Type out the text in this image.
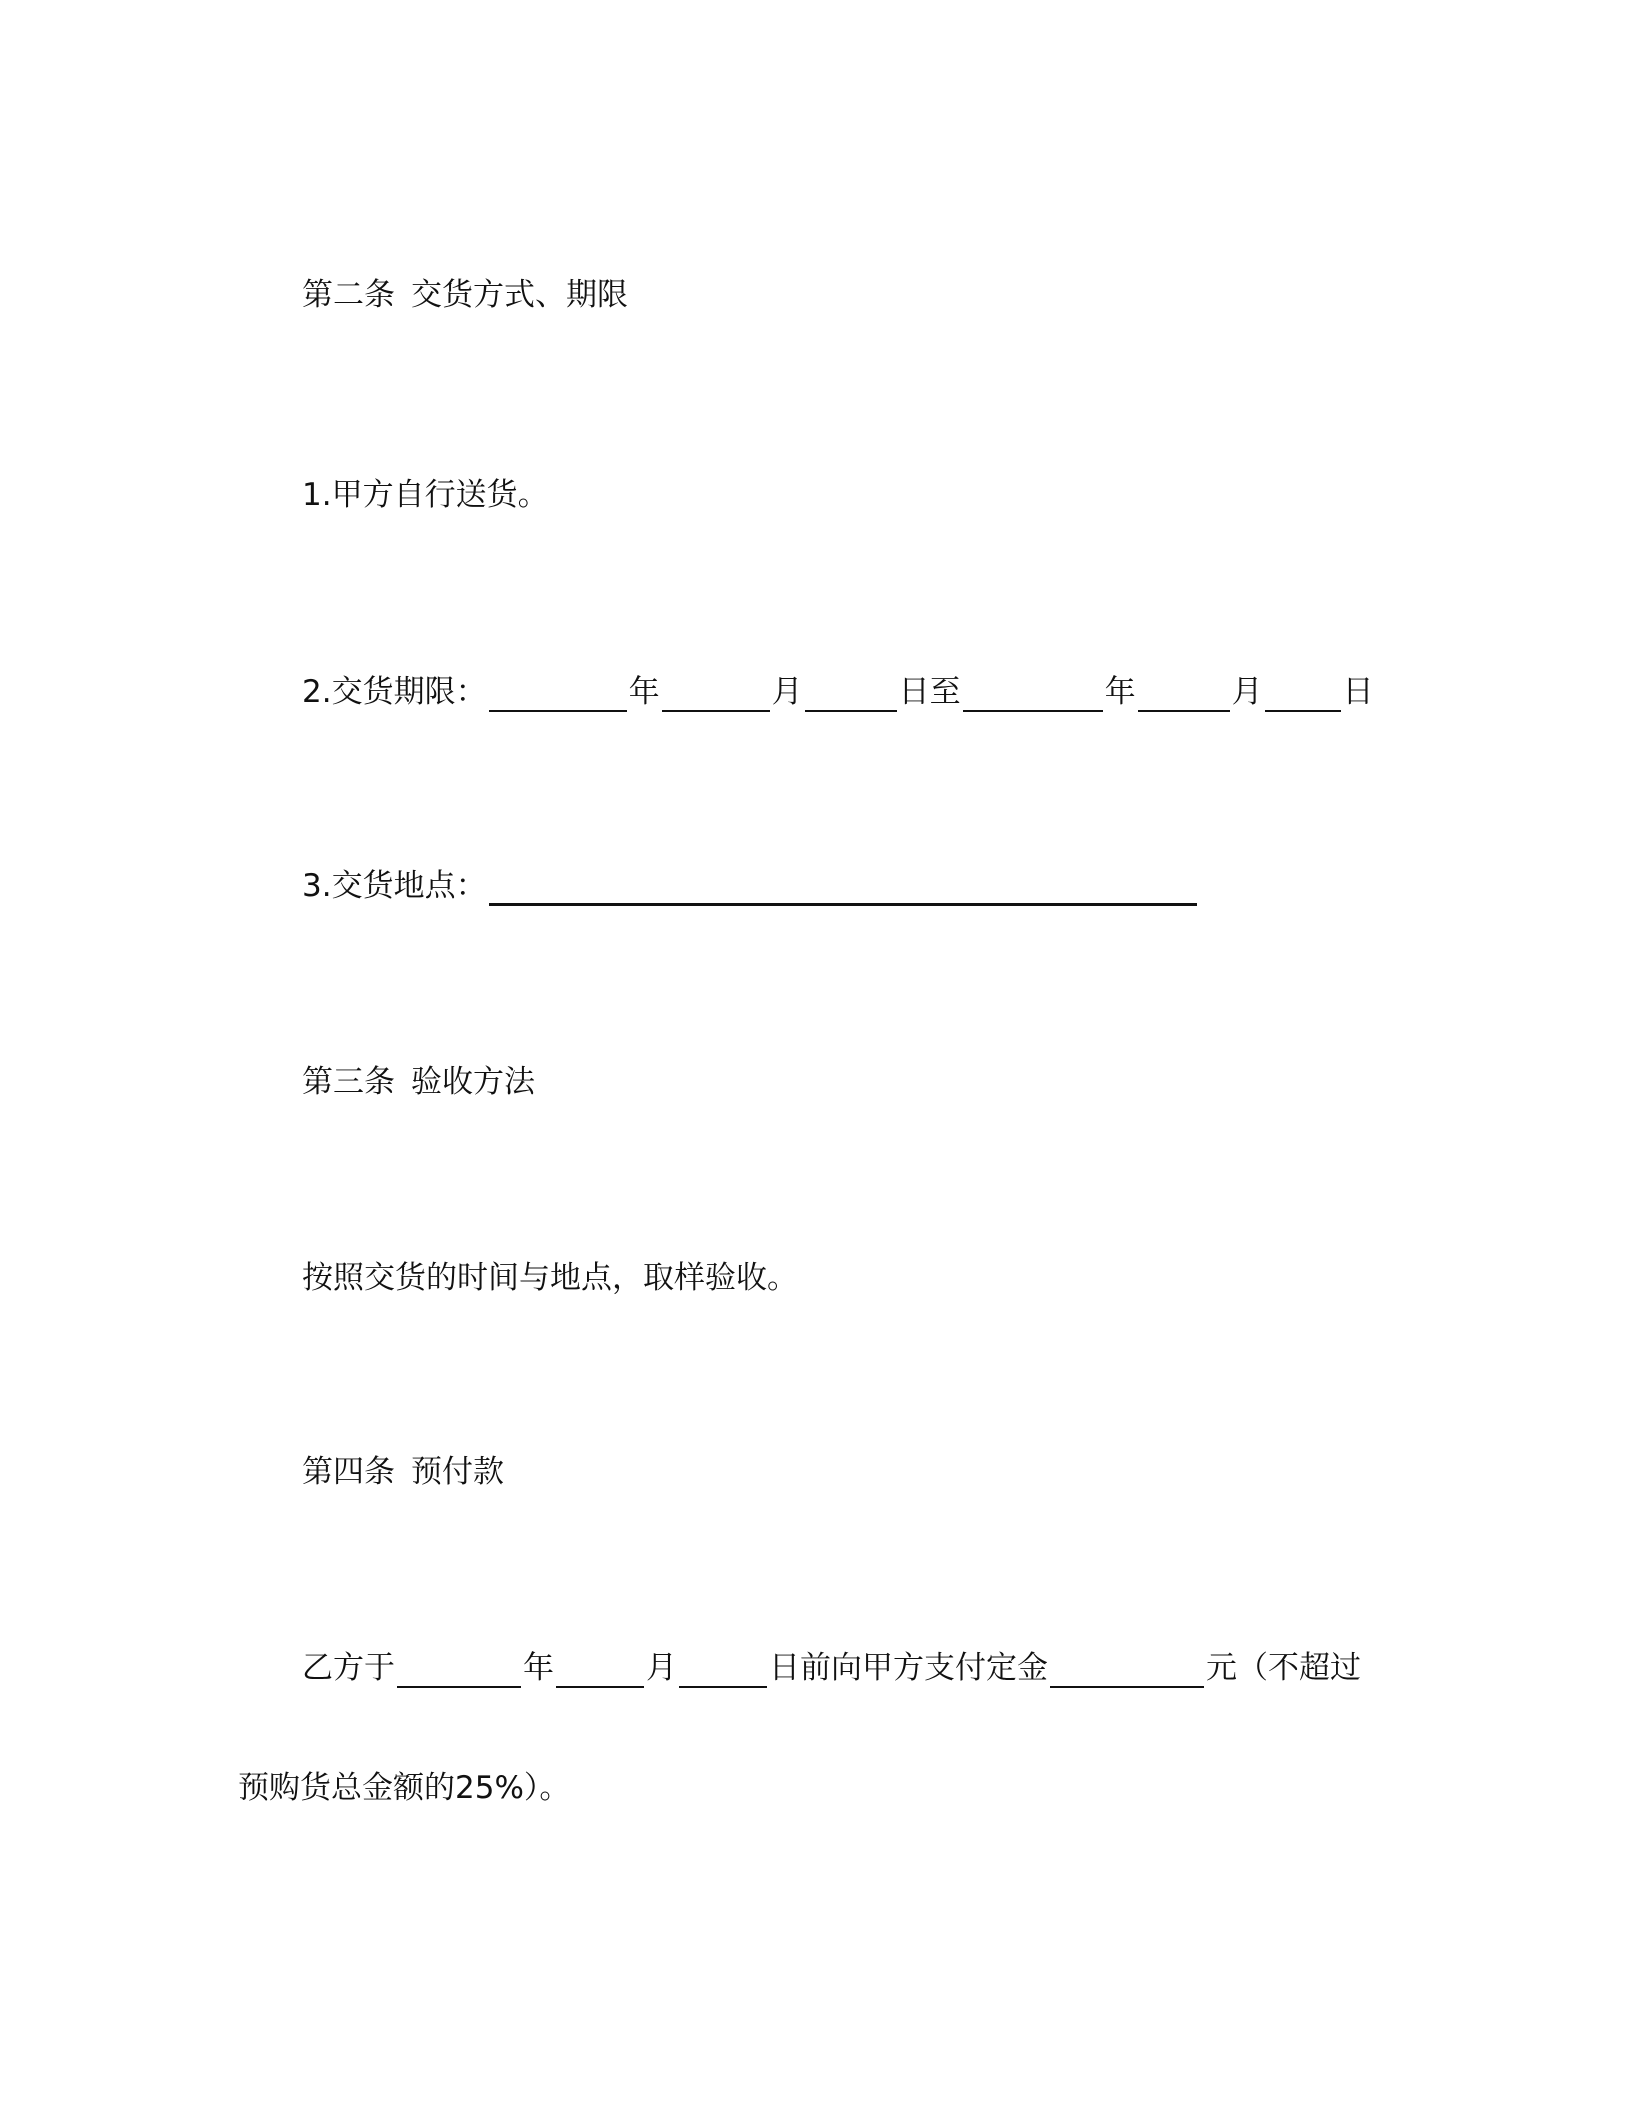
第二条 交货方式、期限
1.甲方自行送货。
2.交货期限：	年	月	日至	年	月	日
3.交货地点：
第三条 验收方法
按照交货的时间与地点，取样验收。
第四条 预付款
乙方于	年	月	日前向甲方支付定金	元（不超过
预购货总金额的25%）。
